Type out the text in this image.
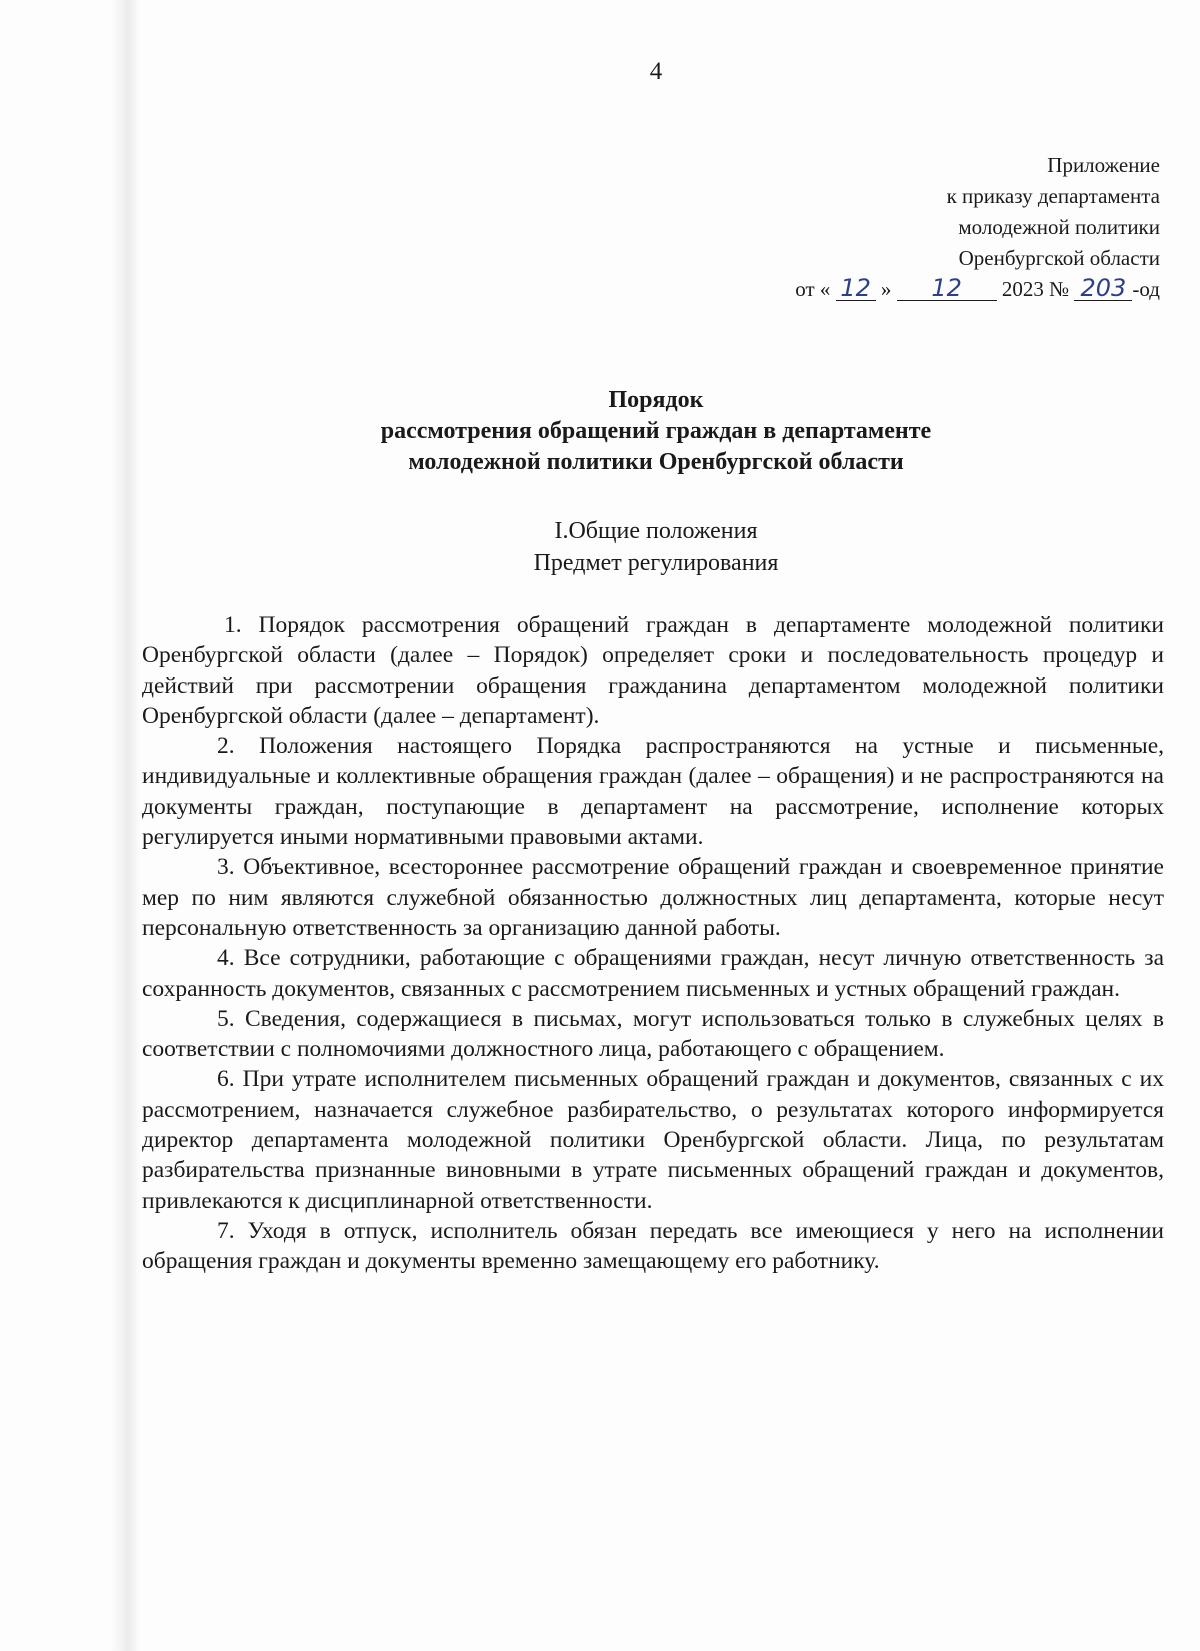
4
Приложение
к приказу департамента
молодежной политики
Оренбургской области
от « 12 » 12 2023 № 203 -од
Порядок
рассмотрения обращений граждан в департаменте
молодежной политики Оренбургской области
I.Общие положения
Предмет регулирования

1. Порядок рассмотрения обращений граждан в департаменте молодежной политики Оренбургской области (далее – Порядок) определяет сроки и последовательность процедур и действий при рассмотрении обращения гражданина департаментом молодежной политики Оренбургской области (далее – департамент).

2. Положения настоящего Порядка распространяются на устные и письменные, индивидуальные и коллективные обращения граждан (далее – обращения) и не распространяются на документы граждан, поступающие в департамент на рассмотрение, исполнение которых регулируется иными нормативными правовыми актами.

3. Объективное, всестороннее рассмотрение обращений граждан и своевременное принятие мер по ним являются служебной обязанностью должностных лиц департамента, которые несут персональную ответственность за организацию данной работы.

4. Все сотрудники, работающие с обращениями граждан, несут личную ответственность за сохранность документов, связанных с рассмотрением письменных и устных обращений граждан.

5. Сведения, содержащиеся в письмах, могут использоваться только в служебных целях в соответствии с полномочиями должностного лица, работающего с обращением.

6. При утрате исполнителем письменных обращений граждан и документов, связанных с их рассмотрением, назначается служебное разбирательство, о результатах которого информируется директор департамента молодежной политики Оренбургской области. Лица, по результатам разбирательства признанные виновными в утрате письменных обращений граждан и документов, привлекаются к дисциплинарной ответственности.

7. Уходя в отпуск, исполнитель обязан передать все имеющиеся у него на исполнении обращения граждан и документы временно замещающему его работнику.
